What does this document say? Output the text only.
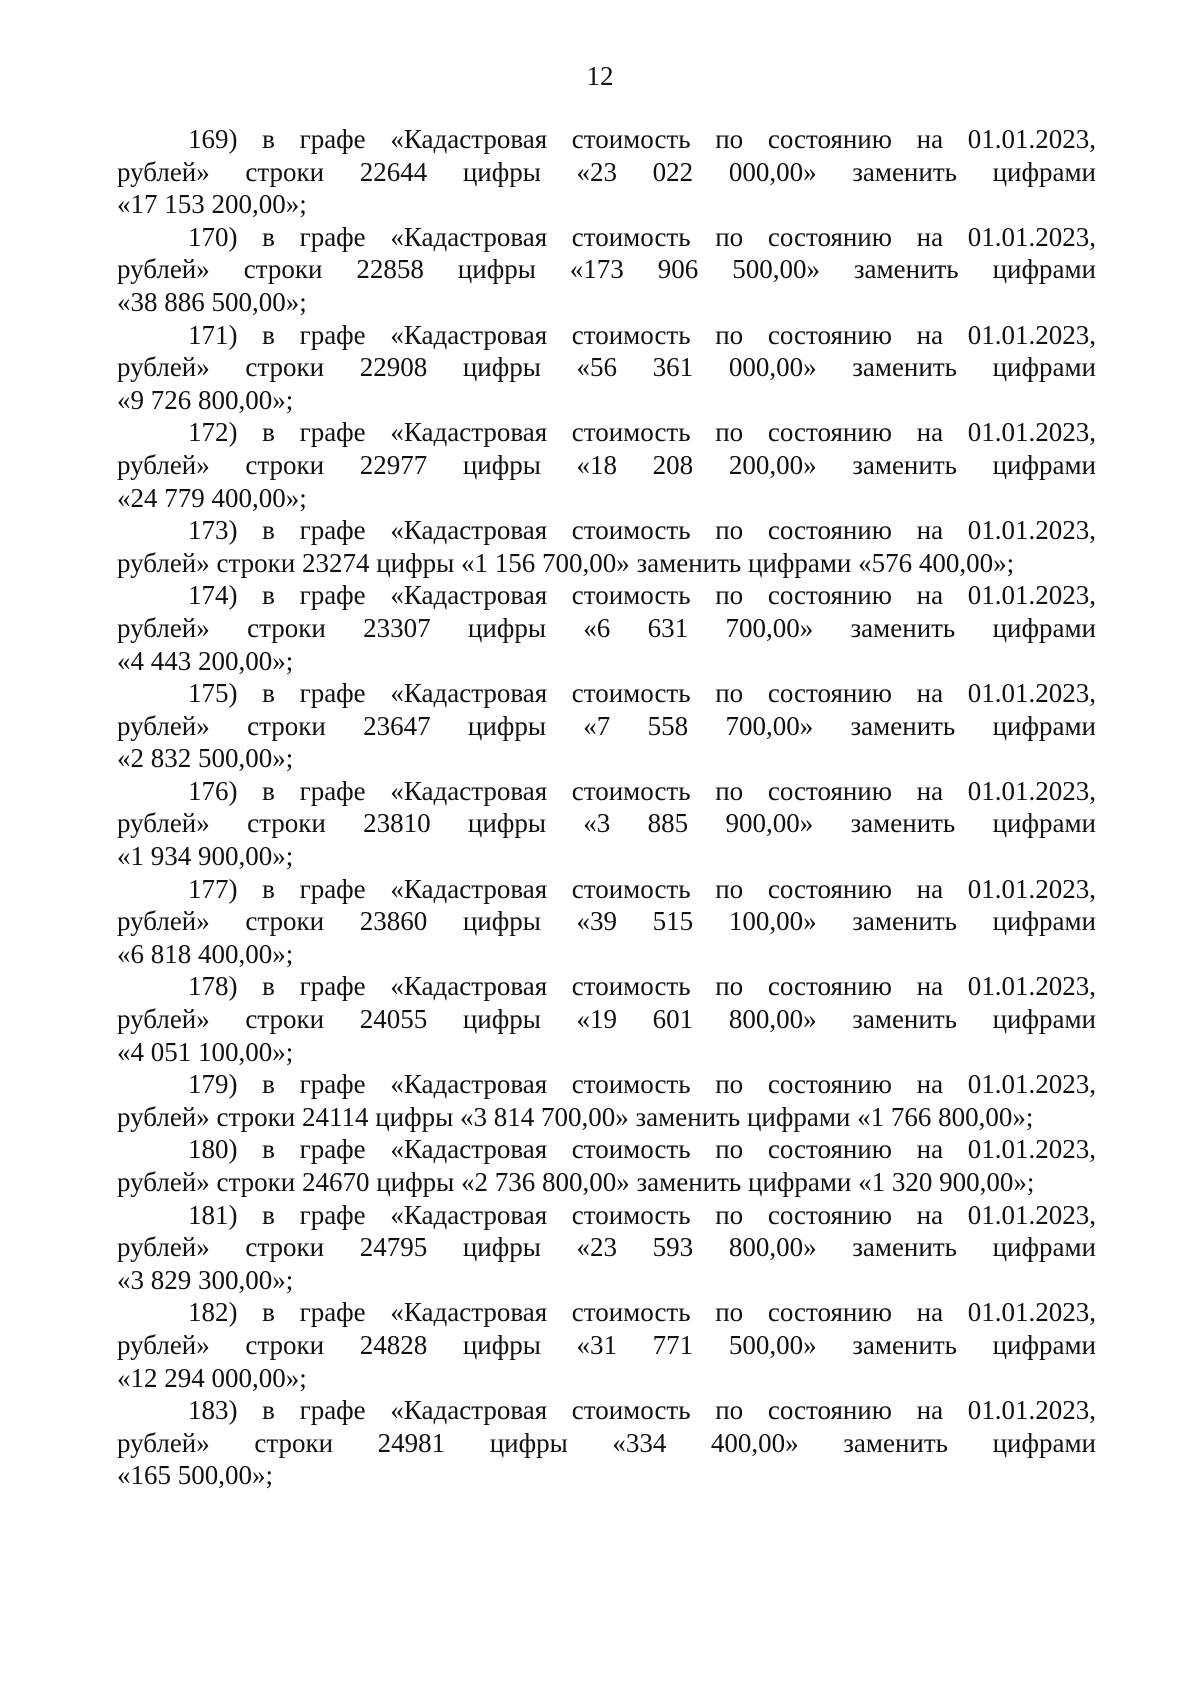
12

169) в графе «Кадастровая стоимость по состоянию на 01.01.2023,
рублей» строки 22644 цифры «23 022 000,00» заменить цифрами
«17 153 200,00»;

170) в графе «Кадастровая стоимость по состоянию на 01.01.2023,
рублей» строки 22858 цифры «173 906 500,00» заменить цифрами
«38 886 500,00»;

171) в графе «Кадастровая стоимость по состоянию на 01.01.2023,
рублей» строки 22908 цифры «56 361 000,00» заменить цифрами
«9 726 800,00»;

172) в графе «Кадастровая стоимость по состоянию на 01.01.2023,
рублей» строки 22977 цифры «18 208 200,00» заменить цифрами
«24 779 400,00»;

173) в графе «Кадастровая стоимость по состоянию на 01.01.2023,
рублей» строки 23274 цифры «1 156 700,00» заменить цифрами «576 400,00»;

174) в графе «Кадастровая стоимость по состоянию на 01.01.2023,
рублей» строки 23307 цифры «6 631 700,00» заменить цифрами
«4 443 200,00»;

175) в графе «Кадастровая стоимость по состоянию на 01.01.2023,
рублей» строки 23647 цифры «7 558 700,00» заменить цифрами
«2 832 500,00»;

176) в графе «Кадастровая стоимость по состоянию на 01.01.2023,
рублей» строки 23810 цифры «3 885 900,00» заменить цифрами
«1 934 900,00»;

177) в графе «Кадастровая стоимость по состоянию на 01.01.2023,
рублей» строки 23860 цифры «39 515 100,00» заменить цифрами
«6 818 400,00»;

178) в графе «Кадастровая стоимость по состоянию на 01.01.2023,
рублей» строки 24055 цифры «19 601 800,00» заменить цифрами
«4 051 100,00»;

179) в графе «Кадастровая стоимость по состоянию на 01.01.2023,
рублей» строки 24114 цифры «3 814 700,00» заменить цифрами «1 766 800,00»;

180) в графе «Кадастровая стоимость по состоянию на 01.01.2023,
рублей» строки 24670 цифры «2 736 800,00» заменить цифрами «1 320 900,00»;

181) в графе «Кадастровая стоимость по состоянию на 01.01.2023,
рублей» строки 24795 цифры «23 593 800,00» заменить цифрами
«3 829 300,00»;

182) в графе «Кадастровая стоимость по состоянию на 01.01.2023,
рублей» строки 24828 цифры «31 771 500,00» заменить цифрами
«12 294 000,00»;

183) в графе «Кадастровая стоимость по состоянию на 01.01.2023,
рублей» строки 24981 цифры «334 400,00» заменить цифрами
«165 500,00»;
